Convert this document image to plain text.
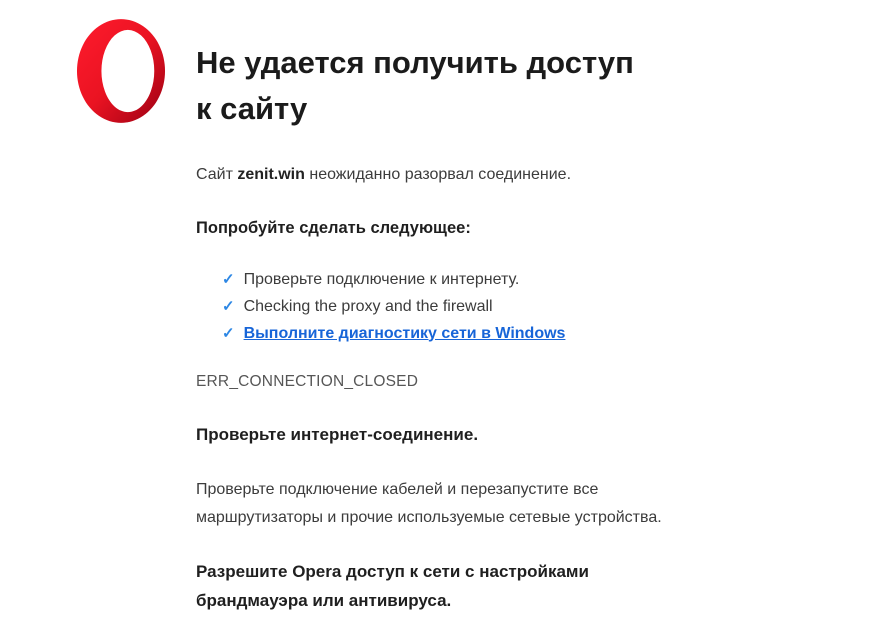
Не удается получить доступ к сайту

Сайт zenit.win неожиданно разорвал соединение.

Попробуйте сделать следующее:
✓ Проверьте подключение к интернету.
✓ Checking the proxy and the firewall
✓ Выполните диагностику сети в Windows
ERR_CONNECTION_CLOSED
Проверьте интернет-соединение.

Проверьте подключение кабелей и перезапустите все маршрутизаторы и прочие используемые сетевые устройства.

Разрешите Opera доступ к сети с настройками брандмауэра или антивируса.
